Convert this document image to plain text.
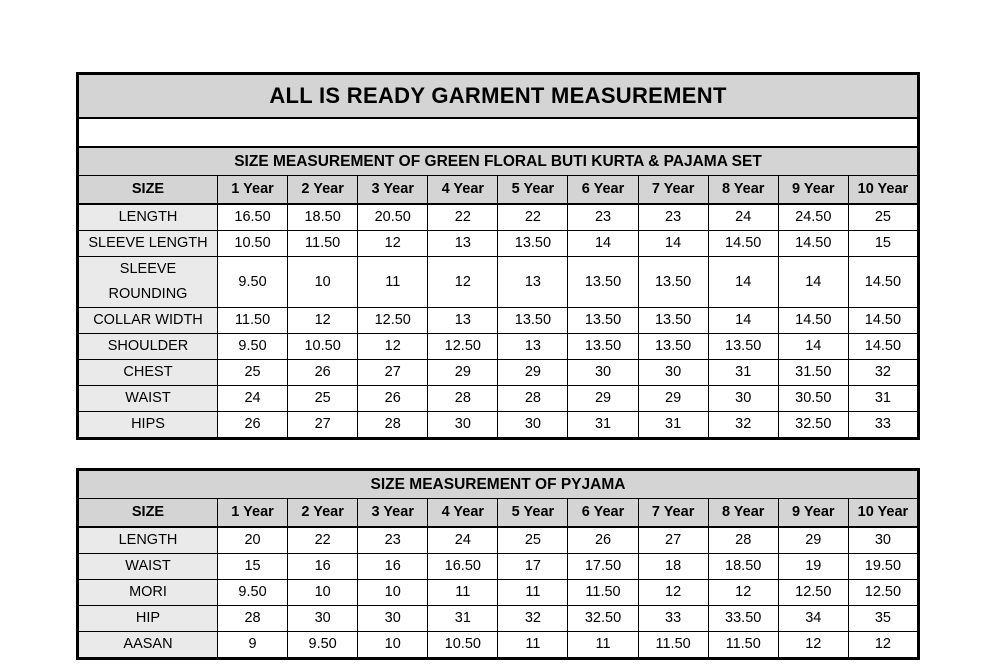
ALL IS READY GARMENT MEASUREMENT										

SIZE MEASUREMENT OF GREEN FLORAL BUTI KURTA & PAJAMA SET										
SIZE	1 Year	2 Year	3 Year	4 Year	5 Year	6 Year	7 Year	8 Year	9 Year	10 Year
LENGTH	16.50	18.50	20.50	22	22	23	23	24	24.50	25
SLEEVE LENGTH	10.50	11.50	12	13	13.50	14	14	14.50	14.50	15
SLEEVE ROUNDING	9.50	10	11	12	13	13.50	13.50	14	14	14.50
COLLAR WIDTH	11.50	12	12.50	13	13.50	13.50	13.50	14	14.50	14.50
SHOULDER	9.50	10.50	12	12.50	13	13.50	13.50	13.50	14	14.50
CHEST	25	26	27	29	29	30	30	31	31.50	32
WAIST	24	25	26	28	28	29	29	30	30.50	31
HIPS	26	27	28	30	30	31	31	32	32.50	33
SIZE MEASUREMENT OF PYJAMA										
SIZE	1 Year	2 Year	3 Year	4 Year	5 Year	6 Year	7 Year	8 Year	9 Year	10 Year
LENGTH	20	22	23	24	25	26	27	28	29	30
WAIST	15	16	16	16.50	17	17.50	18	18.50	19	19.50
MORI	9.50	10	10	11	11	11.50	12	12	12.50	12.50
HIP	28	30	30	31	32	32.50	33	33.50	34	35
AASAN	9	9.50	10	10.50	11	11	11.50	11.50	12	12
